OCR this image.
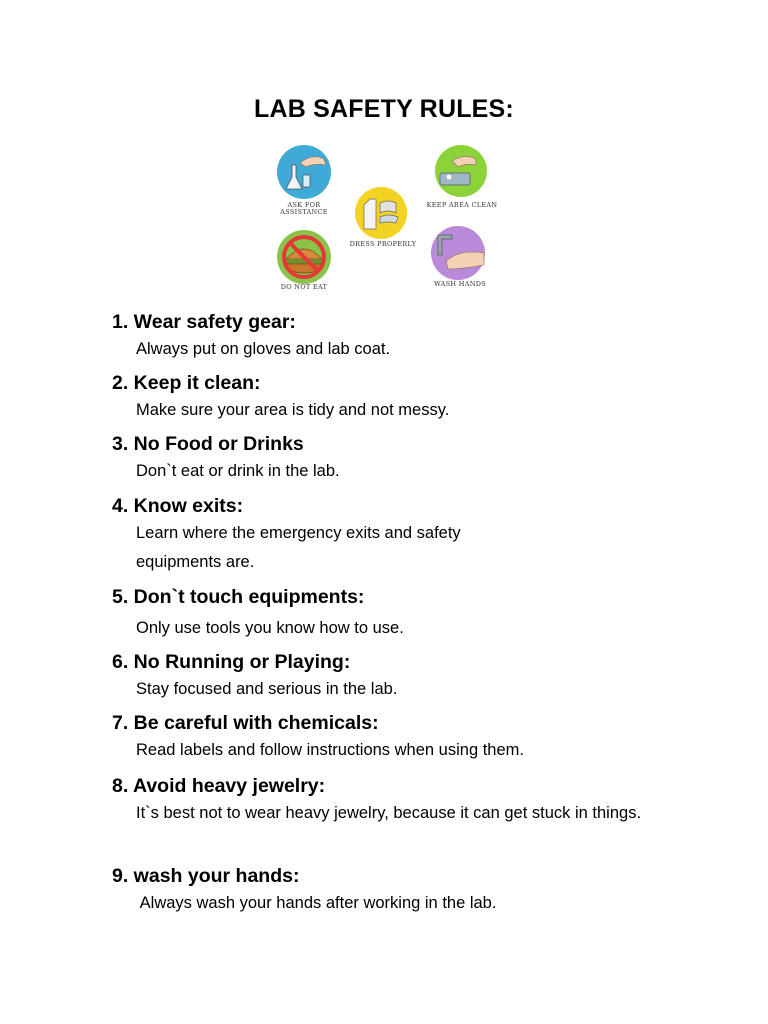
LAB SAFETY RULES:
ASK FOR
ASSISTANCE
KEEP AREA CLEAN
DRESS PROPERLY
DO NOT EAT	WASH HANDS
1. Wear safety gear:
Always put on gloves and lab coat.
2. Keep it clean:
Make sure your area is tidy and not messy.
3. No Food or Drinks
Don`t eat or drink in the lab.
4. Know exits:
Learn where the emergency exits and safety equipments are.
5. Don`t touch equipments:
Only use tools you know how to use.
6. No Running or Playing:
Stay focused and serious in the lab.
7. Be careful with chemicals:
Read labels and follow instructions when using them.
8. Avoid heavy jewelry:
It`s best not to wear heavy jewelry, because it can get stuck in things.
9. wash your hands:
Always wash your hands after working in the lab.
